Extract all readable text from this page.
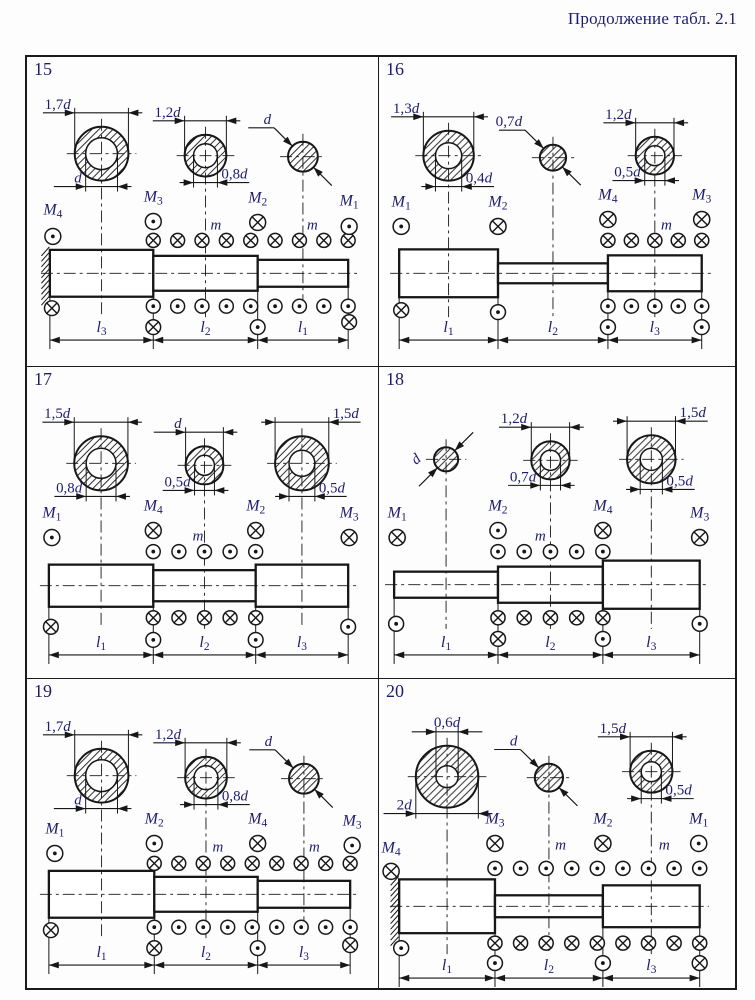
Продолжение табл. 2.1
15
1,7d
d
1,2d
0,8d
d
M4
M3	M2	M1
m	m
l3	l2	l1
16
1,3d
0,4d
0,7d	1,2d
0,5d
M1	M2
M4	M3
m
l1	l2	l3
17
1,5d
0,8d
d
0,5d
1,5d
0,5d
M1
M4	M2	M3
m
l1	l2	l3
18
d
1,2d
0,7d
1,5d
0,5d
M1
M2	M4	M3
m
l1	l2	l3
19
1,7d
d
1,2d
0,8d
d
M1
M2	M4	M3
m	m
l1	l2	l3
20
0,6d
2d
d
1,5d
0,5d
M4
M3	M2	M1
m	m
l1	l2	l3
